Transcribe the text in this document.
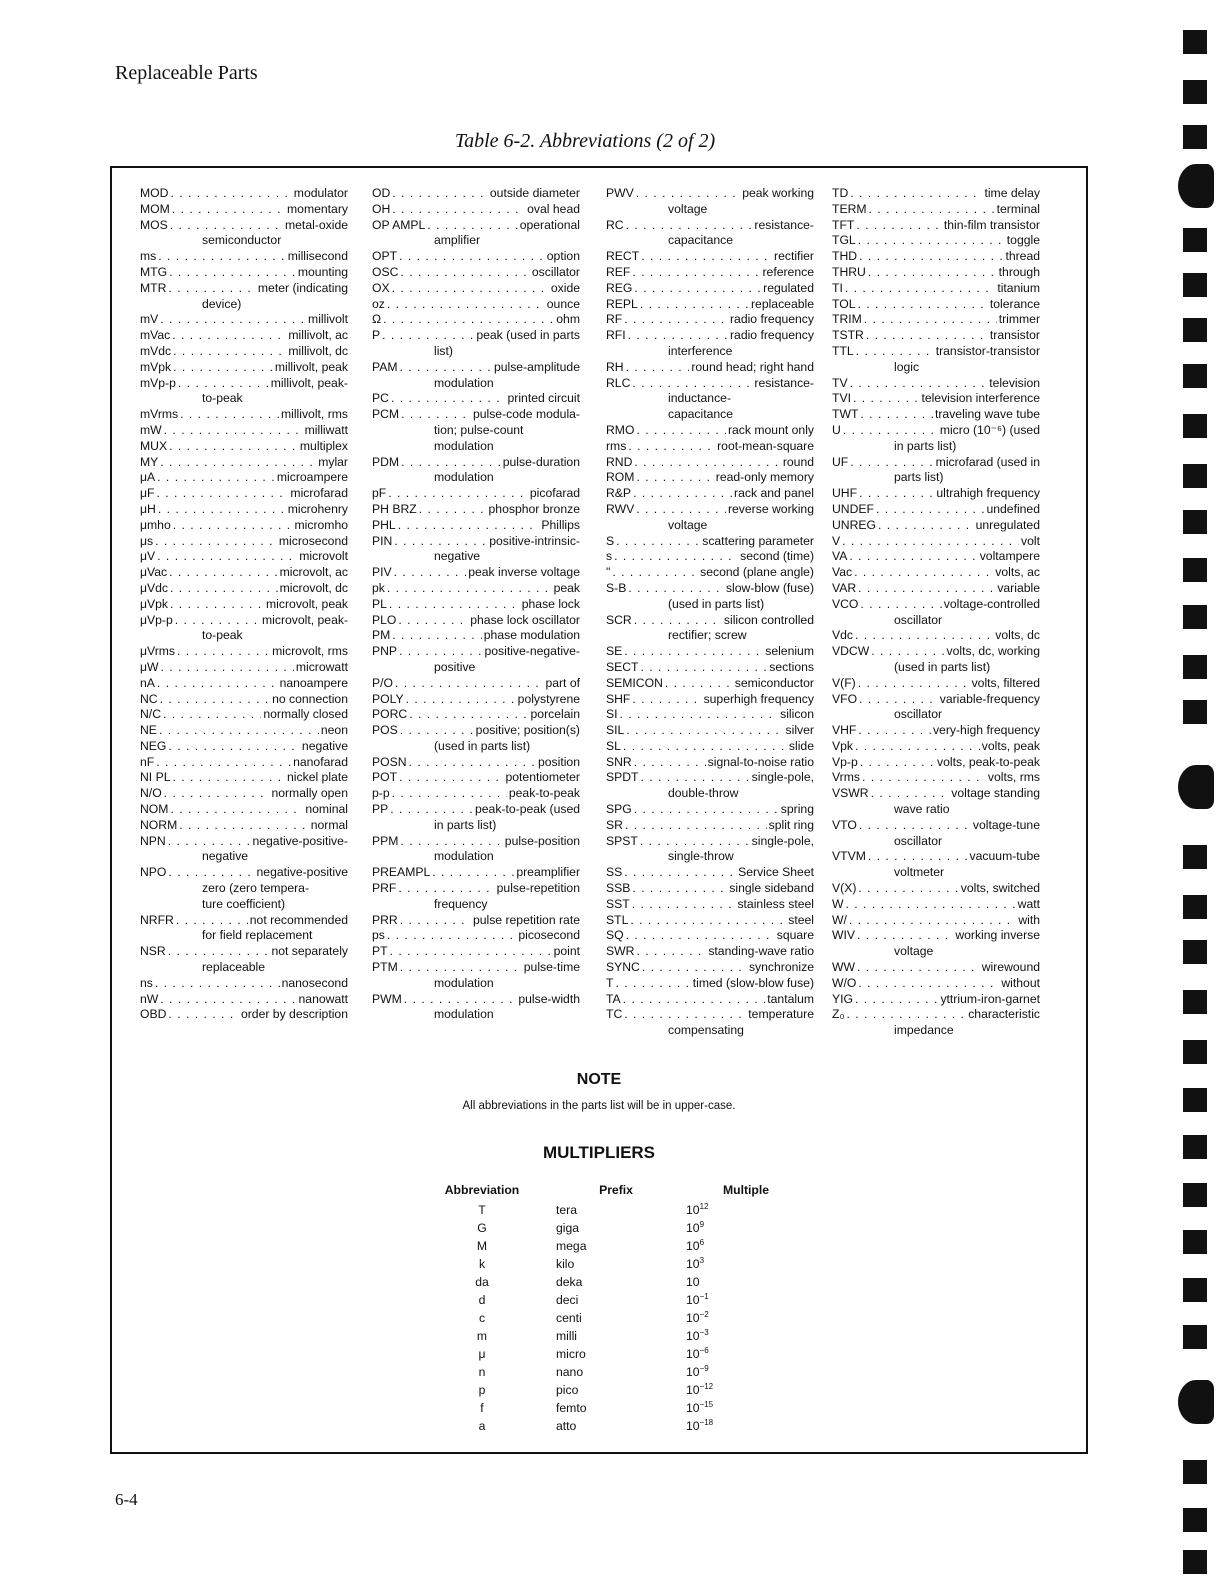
Replaceable Parts
Table 6-2. Abbreviations (2 of 2)
MOD . . .	modulator
MOM . . .	momentary
MOS . . .	metal-oxide
semiconductor
ms . . .	millisecond
MTG . . .	mounting
MTR . . .	meter (indicating
device)
mV . . .	millivolt
mVac . . .	millivolt, ac
mVdc . . .	millivolt, dc
mVpk . . .	millivolt, peak
mVp-p . . .	millivolt, peak-
to-peak
mVrms . . .	millivolt, rms
mW . . .	milliwatt
MUX . . .	multiplex
MY . . .	mylar
μA . . .	microampere
μF . . .	microfarad
μH . . .	microhenry
μmho . . .	micromho
μs . . .	microsecond
μV . . .	microvolt
μVac . . .	microvolt, ac
μVdc . . .	microvolt, dc
μVpk . . .	microvolt, peak
μVp-p . . .	microvolt, peak-
to-peak
μVrms . . .	microvolt, rms
μW . . .	microwatt
nA . . .	nanoampere
NC . . .	no connection
N/C . . .	normally closed
NE . . .	neon
NEG . . .	negative
nF . . .	nanofarad
NI PL . . .	nickel plate
N/O . . .	normally open
NOM . . .	nominal
NORM . . .	normal
NPN . . .	negative-positive-
negative
NPO . . .	negative-positive
zero (zero tempera-
ture coefficient)
NRFR . . .	not recommended
for field replacement
NSR . . .	not separately
replaceable
ns . . .	nanosecond
nW . . .	nanowatt
OBD . . .	order by description
OD . . .	outside diameter
OH . . .	oval head
OP AMPL . . .	operational
amplifier
OPT . . .	option
OSC . . .	oscillator
OX . . .	oxide
oz . . .	ounce
Ω . . .	ohm
P . . .	peak (used in parts
list)
PAM . . .	pulse-amplitude
modulation
PC . . .	printed circuit
PCM . . .	pulse-code modula-
tion; pulse-count
modulation
PDM . . .	pulse-duration
modulation
pF . . .	picofarad
PH BRZ . . .	phosphor bronze
PHL . . .	Phillips
PIN . . .	positive-intrinsic-
negative
PIV . . .	peak inverse voltage
pk . . .	peak
PL . . .	phase lock
PLO . . .	phase lock oscillator
PM . . .	phase modulation
PNP . . .	positive-negative-
positive
P/O . . .	part of
POLY . . .	polystyrene
PORC . . .	porcelain
POS . . .	positive; position(s)
(used in parts list)
POSN . . .	position
POT . . .	potentiometer
p-p . . .	peak-to-peak
PP . . .	peak-to-peak (used
in parts list)
PPM . . .	pulse-position
modulation
PREAMPL . . .	preamplifier
PRF . . .	pulse-repetition
frequency
PRR . . .	pulse repetition rate
ps . . .	picosecond
PT . . .	point
PTM . . .	pulse-time
modulation
PWM . . .	pulse-width
modulation
PWV . . .	peak working
voltage
RC . . .	resistance-
capacitance
RECT . . .	rectifier
REF . . .	reference
REG . . .	regulated
REPL . . .	replaceable
RF . . .	radio frequency
RFI . . .	radio frequency
interference
RH . . .	round head; right hand
RLC . . .	resistance-
inductance-
capacitance
RMO . . .	rack mount only
rms . . .	root-mean-square
RND . . .	round
ROM . . .	read-only memory
R&P . . .	rack and panel
RWV . . .	reverse working
voltage
S . . .	scattering parameter
s . . .	second (time)
" . . .	second (plane angle)
S-B . . .	slow-blow (fuse)
(used in parts list)
SCR . . .	silicon controlled
rectifier; screw
SE . . .	selenium
SECT . . .	sections
SEMICON . . .	semiconductor
SHF . . .	superhigh frequency
SI . . .	silicon
SIL . . .	silver
SL . . .	slide
SNR . . .	signal-to-noise ratio
SPDT . . .	single-pole,
double-throw
SPG . . .	spring
SR . . .	split ring
SPST . . .	single-pole,
single-throw
SS . . .	Service Sheet
SSB . . .	single sideband
SST . . .	stainless steel
STL . . .	steel
SQ . . .	square
SWR . . .	standing-wave ratio
SYNC . . .	synchronize
T . . .	timed (slow-blow fuse)
TA . . .	tantalum
TC . . .	temperature
compensating
TD . . .	time delay
TERM . . .	terminal
TFT . . .	thin-film transistor
TGL . . .	toggle
THD . . .	thread
THRU . . .	through
TI . . .	titanium
TOL . . .	tolerance
TRIM . . .	trimmer
TSTR . . .	transistor
TTL . . .	transistor-transistor
logic
TV . . .	television
TVI . . .	television interference
TWT . . .	traveling wave tube
U . . .	micro (10⁻⁶) (used
in parts list)
UF . . .	microfarad (used in
parts list)
UHF . . .	ultrahigh frequency
UNDEF . . .	undefined
UNREG . . .	unregulated
V . . .	volt
VA . . .	voltampere
Vac . . .	volts, ac
VAR . . .	variable
VCO . . .	voltage-controlled
oscillator
Vdc . . .	volts, dc
VDCW . . .	volts, dc, working
(used in parts list)
V(F) . . .	volts, filtered
VFO . . .	variable-frequency
oscillator
VHF . . .	very-high frequency
Vpk . . .	volts, peak
Vp-p . . .	volts, peak-to-peak
Vrms . . .	volts, rms
VSWR . . .	voltage standing
wave ratio
VTO . . .	voltage-tune
oscillator
VTVM . . .	vacuum-tube
voltmeter
V(X) . . .	volts, switched
W . . .	watt
W/ . . .	with
WIV . . .	working inverse
voltage
WW . . .	wirewound
W/O . . .	without
YIG . . .	yttrium-iron-garnet
Z₀ . . .	characteristic
impedance
NOTE
All abbreviations in the parts list will be in upper-case.
MULTIPLIERS
Abbreviation	Prefix	Multiple
T	tera	$10^{12}$
G	giga	$10^9$
M	mega	$10^6$
k	kilo	$10^3$
da	deka	10
d	deci	$10^{-1}$
c	centi	$10^{-2}$
m	milli	$10^{-3}$
μ	micro	$10^{-6}$
n	nano	$10^{-9}$
p	pico	$10^{-12}$
f	femto	$10^{-15}$
a	atto	$10^{-18}$
6-4
